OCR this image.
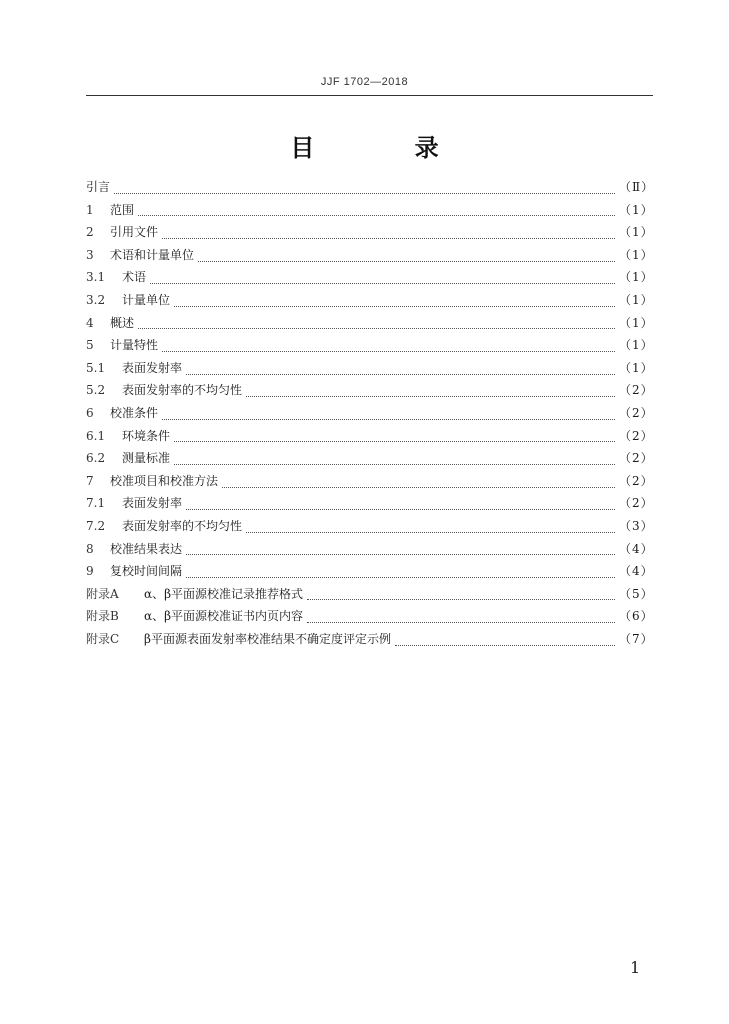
JJF 1702—2018
目 录
引言	（Ⅱ）
1	范围	（1）
2	引用文件	（1）
3	术语和计量单位	（1）
3.1	术语	（1）
3.2	计量单位	（1）
4	概述	（1）
5	计量特性	（1）
5.1	表面发射率	（1）
5.2	表面发射率的不均匀性	（2）
6	校准条件	（2）
6.1	环境条件	（2）
6.2	测量标准	（2）
7	校准项目和校准方法	（2）
7.1	表面发射率	（2）
7.2	表面发射率的不均匀性	（3）
8	校准结果表达	（4）
9	复校时间间隔	（4）
附录A	α、β平面源校准记录推荐格式	（5）
附录B	α、β平面源校准证书内页内容	（6）
附录C	β平面源表面发射率校准结果不确定度评定示例	（7）
1
